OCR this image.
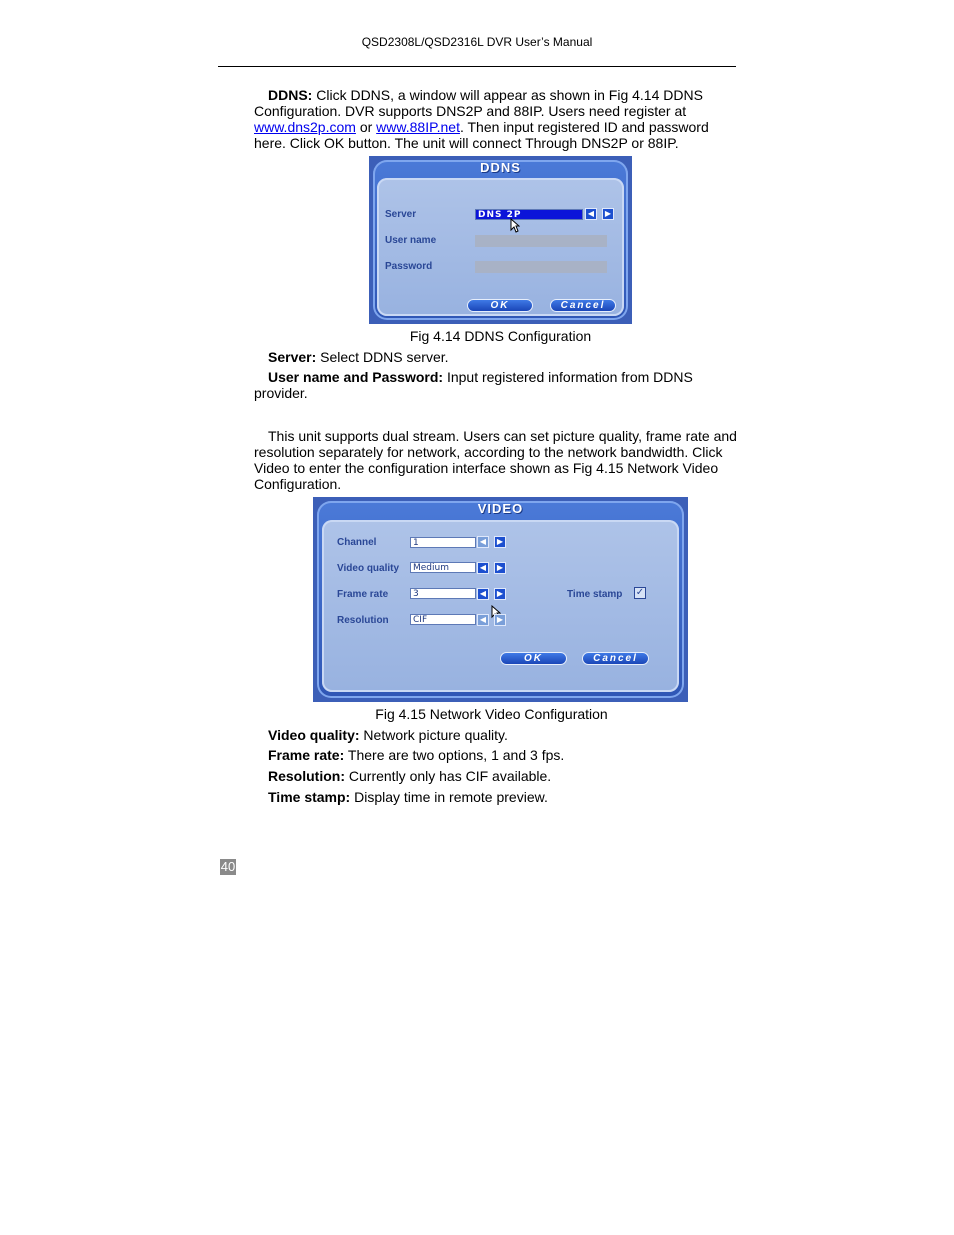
QSD2308L/QSD2316L DVR User’s Manual

DDNS: Click DDNS, a window will appear as shown in Fig 4.14 DDNS Configuration. DVR supports DNS2P and 88IP. Users need register at www.dns2p.com or www.88IP.net. Then input registered ID and password here. Click OK button. The unit will connect Through DNS2P or 88IP.

DDNS
Server	DNS 2P	◀	▶
User name
Password
OK	Cancel
Fig 4.14 DDNS Configuration
Server: Select DDNS server.

User name and Password: Input registered information from DDNS provider.

This unit supports dual stream. Users can set picture quality, frame rate and resolution separately for network, according to the network bandwidth. Click Video to enter the configuration interface shown as Fig 4.15 Network Video Configuration.

VIDEO
Channel	1	◀	▶
Video quality	Medium	◀	▶
Frame rate	3	◀	▶	Time stamp ✓
Resolution	CIF	◀	▶
OK	Cancel
Fig 4.15 Network Video Configuration
Video quality: Network picture quality.
Frame rate: There are two options, 1 and 3 fps.
Resolution: Currently only has CIF available.
Time stamp: Display time in remote preview.
40
